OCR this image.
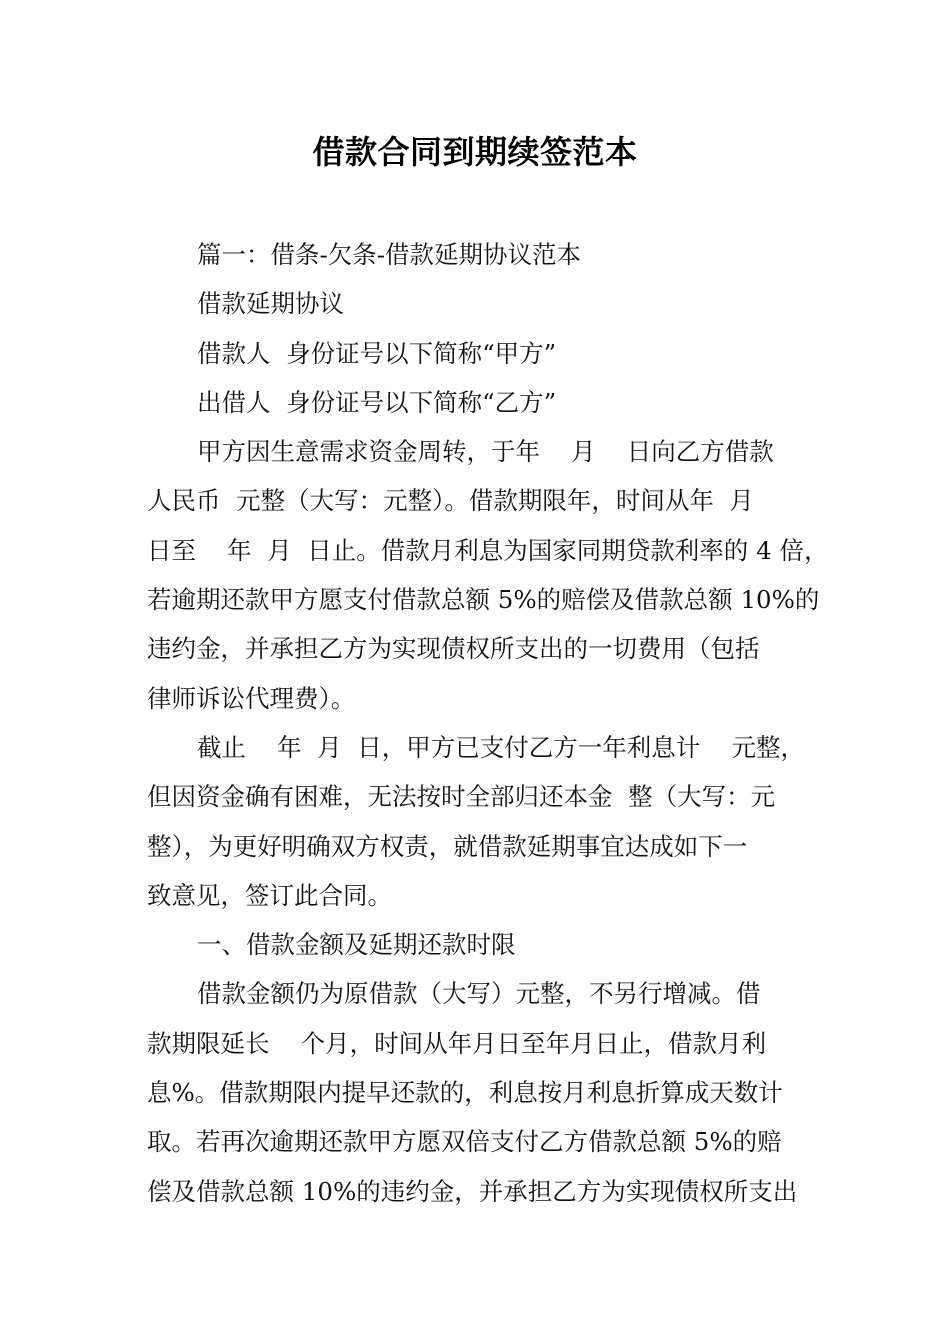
借款合同到期续签范本
篇一：借条-欠条-借款延期协议范本
借款延期协议
借款人  身份证号以下简称“甲方”
出借人  身份证号以下简称“乙方”
甲方因生意需求资金周转，于年    月    日向乙方借款
人民币  元整（大写：元整）。借款期限年，时间从年  月
日至    年  月  日止。借款月利息为国家同期贷款利率的 4 倍，
若逾期还款甲方愿支付借款总额 5%的赔偿及借款总额 10%的
违约金，并承担乙方为实现债权所支出的一切费用（包括
律师诉讼代理费）。
截止    年  月  日，甲方已支付乙方一年利息计    元整，
但因资金确有困难，无法按时全部归还本金  整（大写：元
整），为更好明确双方权责，就借款延期事宜达成如下一
致意见，签订此合同。
一、借款金额及延期还款时限
借款金额仍为原借款（大写）元整，不另行增减。借
款期限延长    个月，时间从年月日至年月日止，借款月利
息%。借款期限内提早还款的，利息按月利息折算成天数计
取。若再次逾期还款甲方愿双倍支付乙方借款总额 5%的赔
偿及借款总额 10%的违约金，并承担乙方为实现债权所支出
